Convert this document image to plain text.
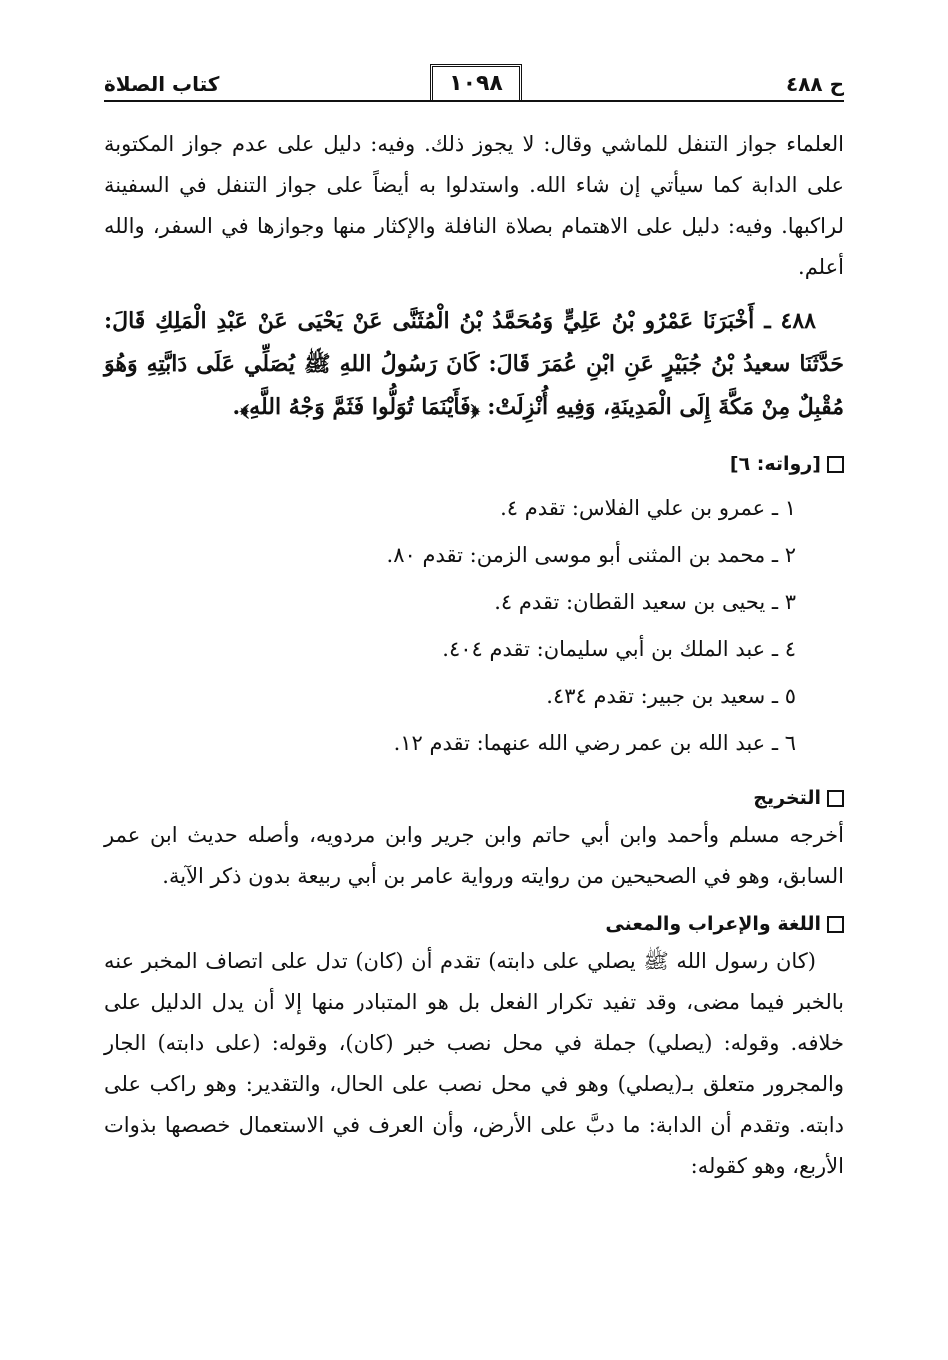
ح ٤٨٨
١٠٩٨
كتاب الصلاة

العلماء جواز التنفل للماشي وقال: لا يجوز ذلك. وفيه: دليل على عدم جواز المكتوبة على الدابة كما سيأتي إن شاء الله. واستدلوا به أيضاً على جواز التنفل في السفينة لراكبها. وفيه: دليل على الاهتمام بصلاة النافلة والإكثار منها وجوازها في السفر، والله أعلم.

٤٨٨ ـ أَخْبَرَنَا عَمْرُو بْنُ عَلِيٍّ وَمُحَمَّدُ بْنُ الْمُثَنَّى عَنْ يَحْيَى عَنْ عَبْدِ الْمَلِكِ قَالَ: حَدَّثَنَا سعيدُ بْنُ جُبَيْرٍ عَنِ ابْنِ عُمَرَ قَالَ: كَانَ رَسُولُ اللهِ ﷺ يُصَلِّي عَلَى دَابَّتِهِ وَهُوَ مُقْبِلٌ مِنْ مَكَّةَ إِلَى الْمَدِينَةِ، وَفِيهِ أُنْزِلَتْ: ﴿فَأَيْنَمَا تُوَلُّوا فَثَمَّ وَجْهُ اللَّهِ﴾.

[رواته: ٦]
١ ـ عمرو بن علي الفلاس: تقدم ٤.
٢ ـ محمد بن المثنى أبو موسى الزمن: تقدم ٨٠.
٣ ـ يحيى بن سعيد القطان: تقدم ٤.
٤ ـ عبد الملك بن أبي سليمان: تقدم ٤٠٤.
٥ ـ سعيد بن جبير: تقدم ٤٣٤.
٦ ـ عبد الله بن عمر رضي الله عنهما: تقدم ١٢.
التخريج

أخرجه مسلم وأحمد وابن أبي حاتم وابن جرير وابن مردويه، وأصله حديث ابن عمر السابق، وهو في الصحيحين من روايته ورواية عامر بن أبي ربيعة بدون ذكر الآية.

اللغة والإعراب والمعنى

(كان رسول الله ﷺ يصلي على دابته) تقدم أن (كان) تدل على اتصاف المخبر عنه بالخبر فيما مضى، وقد تفيد تكرار الفعل بل هو المتبادر منها إلا أن يدل الدليل على خلافه. وقوله: (يصلي) جملة في محل نصب خبر (كان)، وقوله: (على دابته) الجار والمجرور متعلق بـ(يصلي) وهو في محل نصب على الحال، والتقدير: وهو راكب على دابته. وتقدم أن الدابة: ما دبَّ على الأرض، وأن العرف في الاستعمال خصصها بذوات الأربع، وهو كقوله:
